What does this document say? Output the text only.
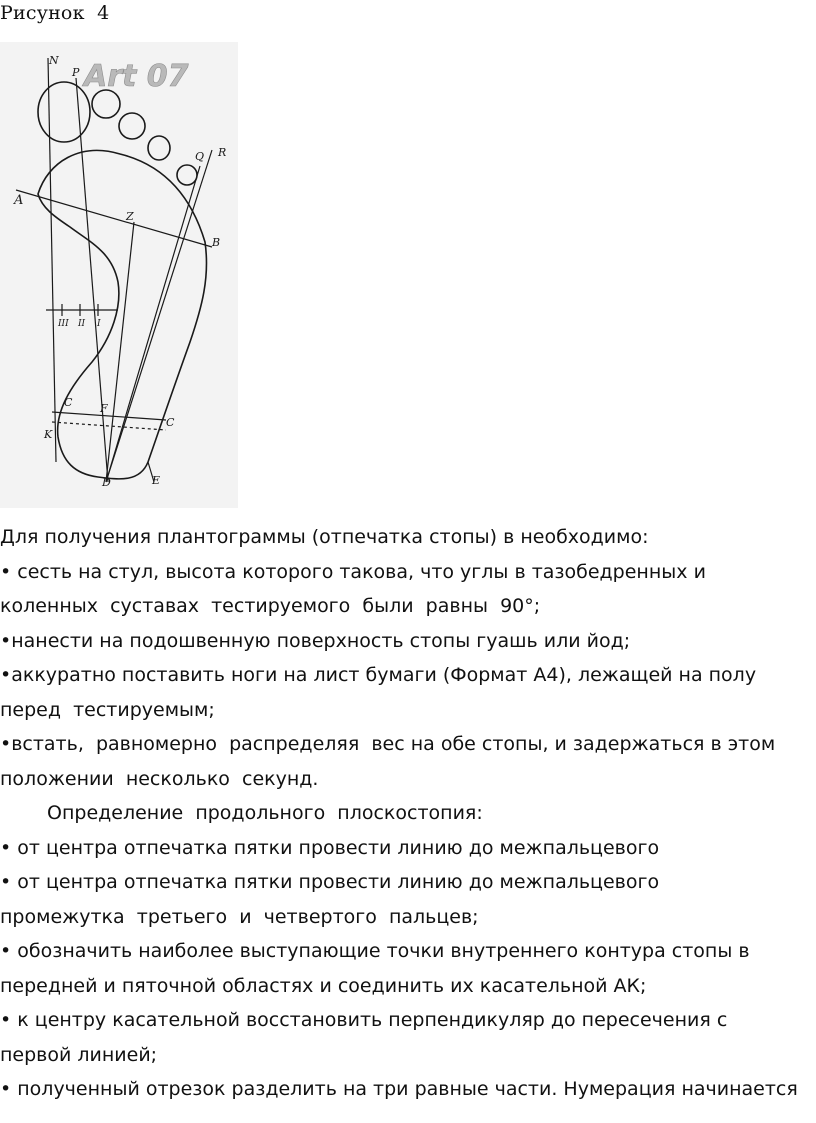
Рисунок  4
Art 07
N
P
Q R
A
Z
B
III II I
C	F
C
K
D	E
Для получения плантограммы (отпечатка стопы) в необходимо:
• сесть на стул, высота которого такова, что углы в тазобедренных и
коленных  суставах  тестируемого  были  равны  90°;
•нанести на подошвенную поверхность стопы гуашь или йод;
•аккуратно поставить ноги на лист бумаги (Формат А4), лежащей на полу
перед  тестируемым;
•встать,  равномерно  распределяя  вес на обе стопы, и задержаться в этом
положении  несколько  секунд.
Определение  продольного  плоскостопия:
• от центра отпечатка пятки провести линию до межпальцевого
• от центра отпечатка пятки провести линию до межпальцевого
промежутка  третьего  и  четвертого  пальцев;
• обозначить наиболее выступающие точки внутреннего контура стопы в
передней и пяточной областях и соединить их касательной АК;
• к центру касательной восстановить перпендикуляр до пересечения с
первой линией;
• полученный отрезок разделить на три равные части. Нумерация начинается
